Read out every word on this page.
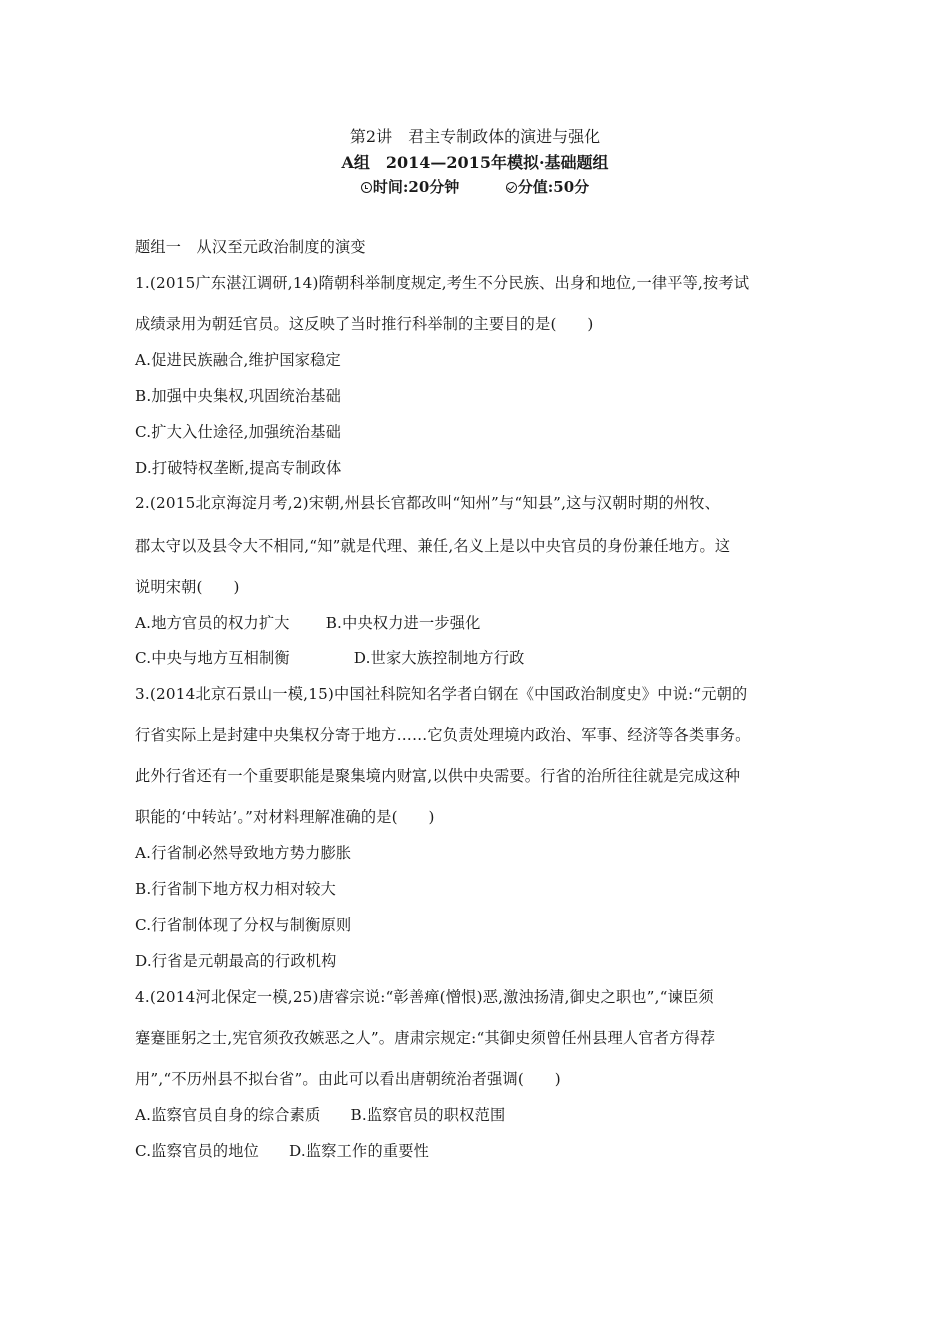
第2讲　君主专制政体的演进与强化
A组　2014—2015年模拟·基础题组
时间:20分钟	分值:50分
题组一　从汉至元政治制度的演变
1.(2015广东湛江调研,14)隋朝科举制度规定,考生不分民族、出身和地位,一律平等,按考试
成绩录用为朝廷官员。这反映了当时推行科举制的主要目的是(　　)
A.促进民族融合,维护国家稳定
B.加强中央集权,巩固统治基础
C.扩大入仕途径,加强统治基础
D.打破特权垄断,提高专制政体
2.(2015北京海淀月考,2)宋朝,州县长官都改叫“知州”与“知县”,这与汉朝时期的州牧、
郡太守以及县令大不相同,“知”就是代理、兼任,名义上是以中央官员的身份兼任地方。这
说明宋朝(　　)
A.地方官员的权力扩大 B.中央权力进一步强化
C.中央与地方互相制衡	D.世家大族控制地方行政
3.(2014北京石景山一模,15)中国社科院知名学者白钢在《中国政治制度史》中说:“元朝的
行省实际上是封建中央集权分寄于地方……它负责处理境内政治、军事、经济等各类事务。
此外行省还有一个重要职能是聚集境内财富,以供中央需要。行省的治所往往就是完成这种
职能的‘中转站’。”对材料理解准确的是(　　)
A.行省制必然导致地方势力膨胀
B.行省制下地方权力相对较大
C.行省制体现了分权与制衡原则
D.行省是元朝最高的行政机构
4.(2014河北保定一模,25)唐睿宗说:“彰善瘅(憎恨)恶,激浊扬清,御史之职也”,“谏臣须
蹇蹇匪躬之士,宪官须孜孜嫉恶之人”。唐肃宗规定:“其御史须曾任州县理人官者方得荐
用”,“不历州县不拟台省”。由此可以看出唐朝统治者强调(　　)
A.监察官员自身的综合素质 B.监察官员的职权范围
C.监察官员的地位 D.监察工作的重要性
